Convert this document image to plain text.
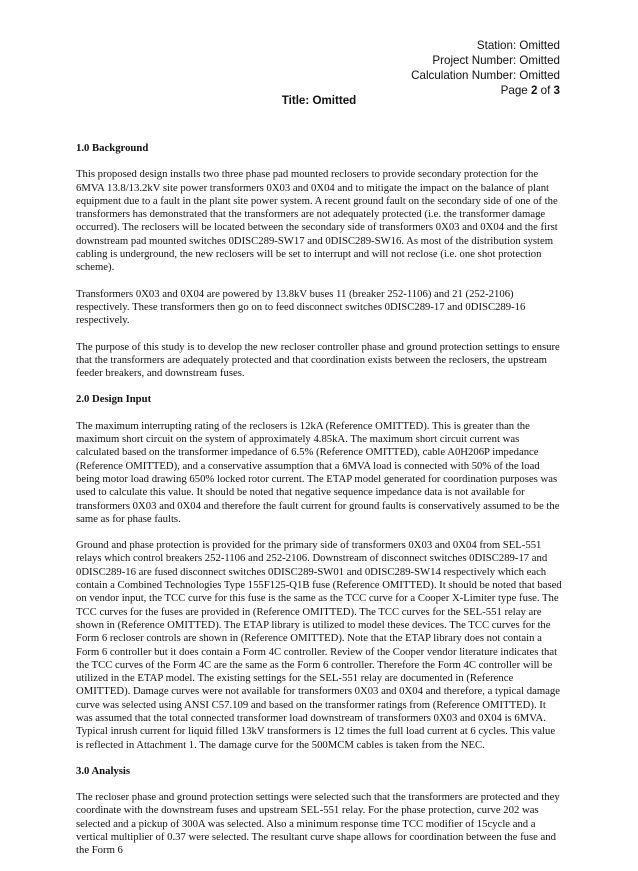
Station: Omitted
Project Number: Omitted
Calculation Number: Omitted
Page 2 of 3
Title: Omitted
1.0 Background

This proposed design installs two three phase pad mounted reclosers to provide secondary protection for the 6MVA 13.8/13.2kV site power transformers 0X03 and 0X04 and to mitigate the impact on the balance of plant equipment due to a fault in the plant site power system. A recent ground fault on the secondary side of one of the transformers has demonstrated that the transformers are not adequately protected (i.e. the transformer damage occurred). The reclosers will be located between the secondary side of transformers 0X03 and 0X04 and the first downstream pad mounted switches 0DISC289-SW17 and 0DISC289-SW16. As most of the distribution system cabling is underground, the new reclosers will be set to interrupt and will not reclose (i.e. one shot protection scheme).

Transformers 0X03 and 0X04 are powered by 13.8kV buses 11 (breaker 252-1106) and 21 (252-2106) respectively. These transformers then go on to feed disconnect switches 0DISC289-17 and 0DISC289-16 respectively.

The purpose of this study is to develop the new recloser controller phase and ground protection settings to ensure that the transformers are adequately protected and that coordination exists between the reclosers, the upstream feeder breakers, and downstream fuses.

2.0 Design Input

The maximum interrupting rating of the reclosers is 12kA (Reference OMITTED). This is greater than the maximum short circuit on the system of approximately 4.85kA. The maximum short circuit current was calculated based on the transformer impedance of 6.5% (Reference OMITTED), cable A0H206P impedance (Reference OMITTED), and a conservative assumption that a 6MVA load is connected with 50% of the load being motor load drawing 650% locked rotor current. The ETAP model generated for coordination purposes was used to calculate this value. It should be noted that negative sequence impedance data is not available for transformers 0X03 and 0X04 and therefore the fault current for ground faults is conservatively assumed to be the same as for phase faults.

Ground and phase protection is provided for the primary side of transformers 0X03 and 0X04 from SEL-551 relays which control breakers 252-1106 and 252-2106. Downstream of disconnect switches 0DISC289-17 and 0DISC289-16 are fused disconnect switches 0DISC289-SW01 and 0DISC289-SW14 respectively which each contain a Combined Technologies Type 155F125-Q1B fuse (Reference OMITTED). It should be noted that based on vendor input, the TCC curve for this fuse is the same as the TCC curve for a Cooper X-Limiter type fuse. The TCC curves for the fuses are provided in (Reference OMITTED). The TCC curves for the SEL-551 relay are shown in (Reference OMITTED). The ETAP library is utilized to model these devices. The TCC curves for the Form 6 recloser controls are shown in (Reference OMITTED). Note that the ETAP library does not contain a Form 6 controller but it does contain a Form 4C controller. Review of the Cooper vendor literature indicates that the TCC curves of the Form 4C are the same as the Form 6 controller. Therefore the Form 4C controller will be utilized in the ETAP model. The existing settings for the SEL-551 relay are documented in (Reference OMITTED). Damage curves were not available for transformers 0X03 and 0X04 and therefore, a typical damage curve was selected using ANSI C57.109 and based on the transformer ratings from (Reference OMITTED). It was assumed that the total connected transformer load downstream of transformers 0X03 and 0X04 is 6MVA. Typical inrush current for liquid filled 13kV transformers is 12 times the full load current at 6 cycles. This value is reflected in Attachment 1. The damage curve for the 500MCM cables is taken from the NEC.

3.0 Analysis

The recloser phase and ground protection settings were selected such that the transformers are protected and they coordinate with the downstream fuses and upstream SEL-551 relay. For the phase protection, curve 202 was selected and a pickup of 300A was selected. Also a minimum response time TCC modifier of 15cycle and a vertical multiplier of 0.37 were selected. The resultant curve shape allows for coordination between the fuse and the Form 6
